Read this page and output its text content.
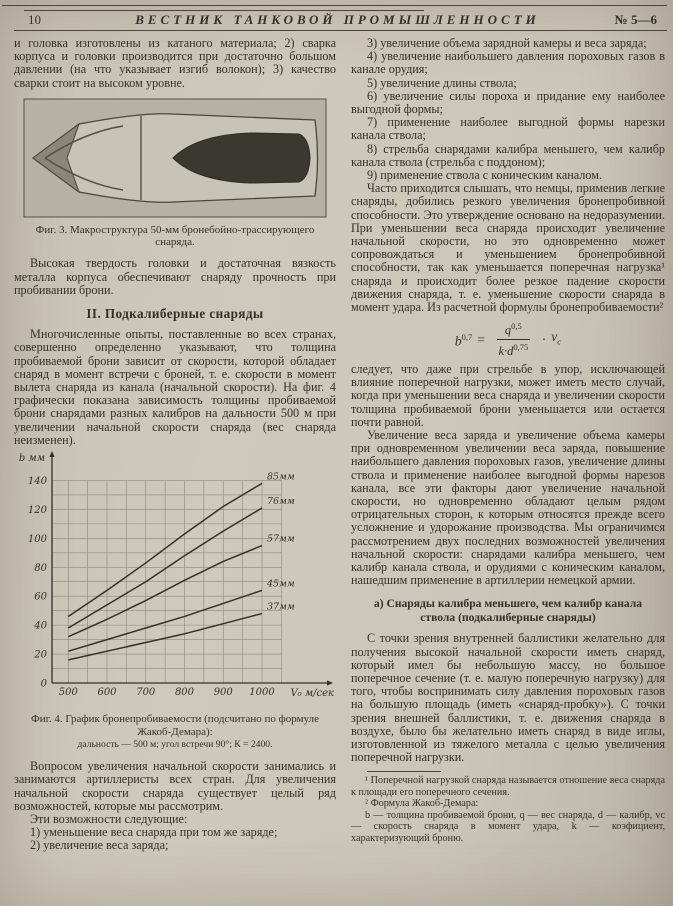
10	ВЕСТНИК ТАНКОВОЙ ПРОМЫШЛЕННОСТИ	№ 5—6

и головка изготовлены из катаного материала; 2) сварка корпуса и головки производится при достаточно большом давлении (на что указывает изгиб волокон); 3) качество сварки стоит на высоком уровне.

Фиг. 3. Макроструктура 50-мм бронебойно-трассирующего снаряда.

Высокая твердость головки и достаточная вязкость металла корпуса обеспечивают снаряду прочность при пробивании брони.

II. Подкалиберные снаряды

Многочисленные опыты, поставленные во всех странах, совершенно определенно указывают, что толщина пробиваемой брони зависит от скорости, которой обладает снаряд в момент встречи с броней, т. е. скорости в момент вылета снаряда из канала (начальной скорости). На фиг. 4 графически показана зависимость толщины пробиваемой брони снарядами разных калибров на дальности 500 м при увеличении начальной скорости снаряда (вес снаряда неизменен).

0
20
40
60
80
100
120
140
500 600 700 800 900 1000
85мм
76мм
57мм
45мм
37мм
b мм
V₀ м/сек
Фиг. 4. График бронепробиваемости (подсчитано по формуле Жакоб-Демара):
дальность — 500 м; угол встречи 90°; К = 2400.

Вопросом увеличения начальной скорости занимались и занимаются артиллеристы всех стран. Для увеличения начальной скорости снаряда существует целый ряд возможностей, которые мы рассмотрим.

Эти возможности следующие:

1) уменьшение веса снаряда при том же заряде;

2) увеличение веса заряда;

3) увеличение объема зарядной камеры и веса заряда;

4) увеличение наибольшего давления пороховых газов в канале орудия;

5) увеличение длины ствола;

6) увеличение силы пороха и придание ему наиболее выгодной формы;

7) применение наиболее выгодной формы нарезки канала ствола;

8) стрельба снарядами калибра меньшего, чем калибр канала ствола (стрельба с поддоном);

9) применение ствола с коническим каналом.

Часто приходится слышать, что немцы, применив легкие снаряды, добились резкого увеличения бронепробивной способности. Это утверждение основано на недоразумении. При уменьшении веса снаряда происходит увеличение начальной скорости, но это одновременно может сопровождаться и уменьшением бронепробивной способности, так как уменьшается поперечная нагрузка¹ снаряда и происходит более резкое падение скорости движения снаряда, т. е. уменьшение скорости снаряда в момент удара. Из расчетной формулы бронепробиваемости²

$b^{0,7} = \frac{q^{0,5}}{k\cdot d^{0,75}} \cdot v_с$

следует, что даже при стрельбе в упор, исключающей влияние поперечной нагрузки, может иметь место случай, когда при уменьшении веса снаряда и увеличении скорости толщина пробиваемой брони уменьшается или остается почти равной.

Увеличение веса заряда и увеличение объема камеры при одновременном увеличении веса заряда, повышение наибольшего давления пороховых газов, увеличение длины ствола и применение наиболее выгодной формы нарезов канала, все эти факторы дают увеличение начальной скорости, но одновременно обладают целым рядом отрицательных сторон, к которым относятся прежде всего усложнение и удорожание производства. Мы ограничимся рассмотрением двух последних возможностей увеличения начальной скорости: снарядами калибра меньшего, чем калибр канала ствола, и орудиями с коническим каналом, нашедшим применение в артиллерии немецкой армии.

а) Снаряды калибра меньшего, чем калибр канала ствола (подкалиберные снаряды)

С точки зрения внутренней баллистики желательно для получения высокой начальной скорости иметь снаряд, который имел бы небольшую массу, но большое поперечное сечение (т. е. малую поперечную нагрузку) для того, чтобы воспринимать силу давления пороховых газов на большую площадь (иметь «снаряд-пробку»). С точки зрения внешней баллистики, т. е. движения снаряда в воздухе, было бы желательно иметь снаряд в виде иглы, изготовленной из тяжелого металла с целью увеличения поперечной нагрузки.

¹ Поперечной нагрузкой снаряда называется отношение веса снаряда к площади его поперечного сечения.

² Формула Жакоб-Демара:

b — толщина пробиваемой брони, q — вес снаряда, d — калибр, vс — скорость снаряда в момент удара, k — коэфициент, характеризующий броню.
